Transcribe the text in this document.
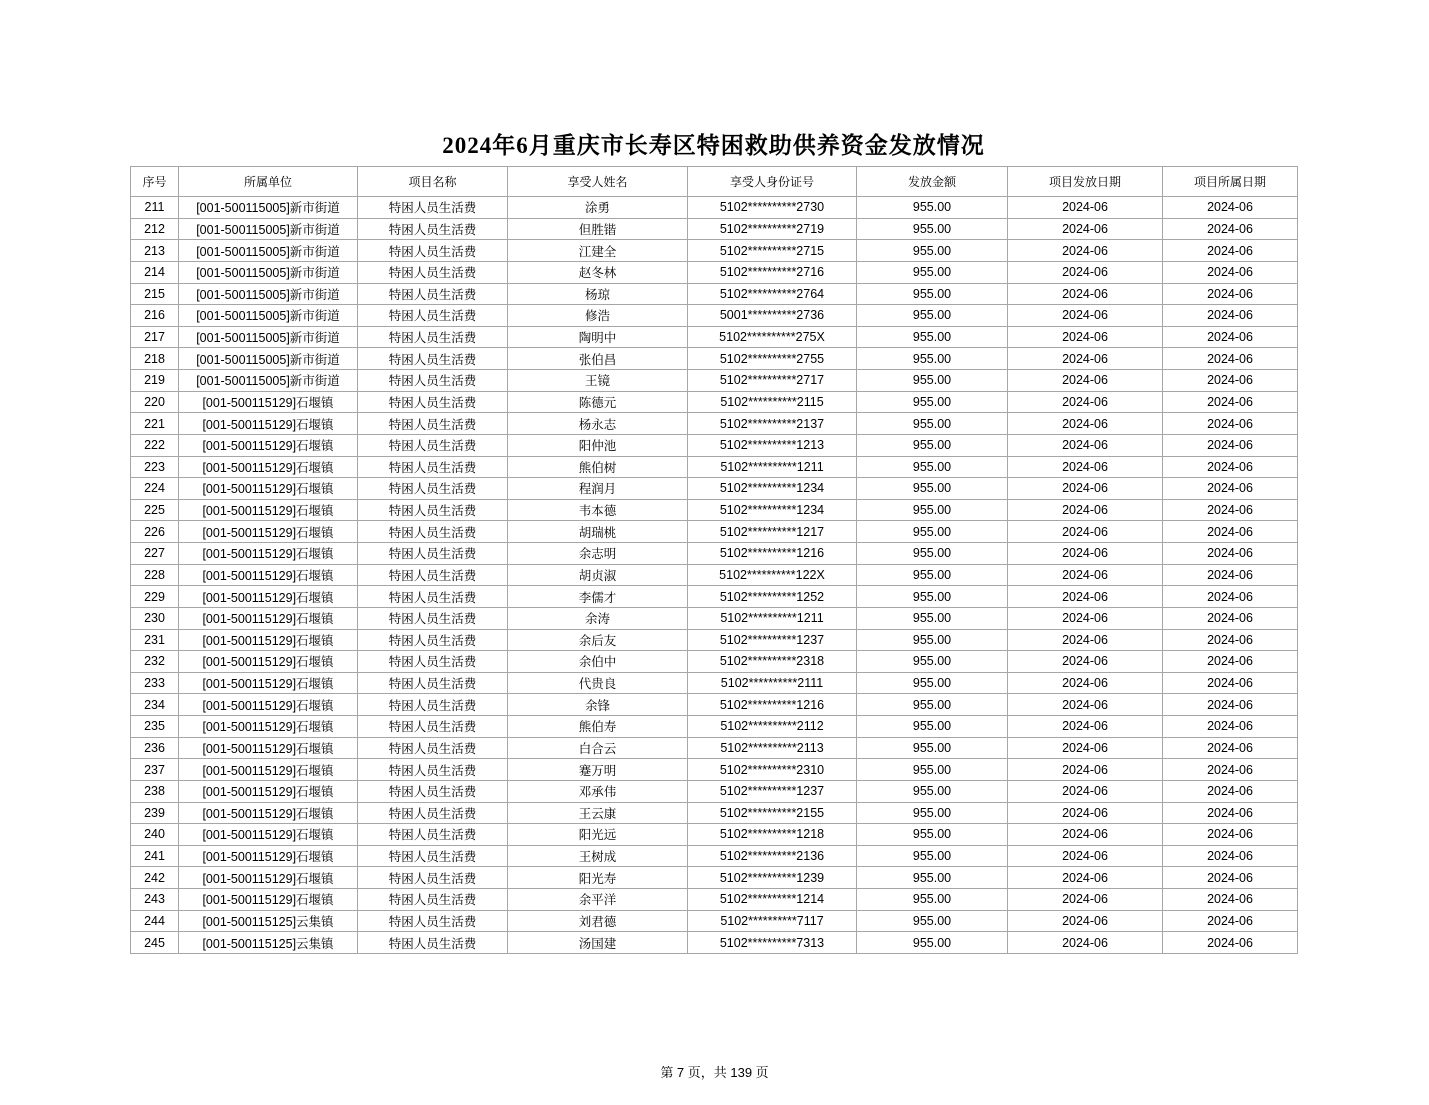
2024年6月重庆市长寿区特困救助供养资金发放情况
序号	所属单位	项目名称	享受人姓名	享受人身份证号	发放金额	项目发放日期	项目所属日期
211	[001-500115005]新市街道	特困人员生活费	涂勇	5102**********2730	955.00	2024-06	2024-06
212	[001-500115005]新市街道	特困人员生活费	但胜锴	5102**********2719	955.00	2024-06	2024-06
213	[001-500115005]新市街道	特困人员生活费	江建全	5102**********2715	955.00	2024-06	2024-06
214	[001-500115005]新市街道	特困人员生活费	赵冬林	5102**********2716	955.00	2024-06	2024-06
215	[001-500115005]新市街道	特困人员生活费	杨琼	5102**********2764	955.00	2024-06	2024-06
216	[001-500115005]新市街道	特困人员生活费	修浩	5001**********2736	955.00	2024-06	2024-06
217	[001-500115005]新市街道	特困人员生活费	陶明中	5102**********275X	955.00	2024-06	2024-06
218	[001-500115005]新市街道	特困人员生活费	张伯昌	5102**********2755	955.00	2024-06	2024-06
219	[001-500115005]新市街道	特困人员生活费	王镜	5102**********2717	955.00	2024-06	2024-06
220	[001-500115129]石堰镇	特困人员生活费	陈德元	5102**********2115	955.00	2024-06	2024-06
221	[001-500115129]石堰镇	特困人员生活费	杨永志	5102**********2137	955.00	2024-06	2024-06
222	[001-500115129]石堰镇	特困人员生活费	阳仲池	5102**********1213	955.00	2024-06	2024-06
223	[001-500115129]石堰镇	特困人员生活费	熊伯树	5102**********1211	955.00	2024-06	2024-06
224	[001-500115129]石堰镇	特困人员生活费	程润月	5102**********1234	955.00	2024-06	2024-06
225	[001-500115129]石堰镇	特困人员生活费	韦本德	5102**********1234	955.00	2024-06	2024-06
226	[001-500115129]石堰镇	特困人员生活费	胡瑞桃	5102**********1217	955.00	2024-06	2024-06
227	[001-500115129]石堰镇	特困人员生活费	余志明	5102**********1216	955.00	2024-06	2024-06
228	[001-500115129]石堰镇	特困人员生活费	胡贞淑	5102**********122X	955.00	2024-06	2024-06
229	[001-500115129]石堰镇	特困人员生活费	李儒才	5102**********1252	955.00	2024-06	2024-06
230	[001-500115129]石堰镇	特困人员生活费	余涛	5102**********1211	955.00	2024-06	2024-06
231	[001-500115129]石堰镇	特困人员生活费	余后友	5102**********1237	955.00	2024-06	2024-06
232	[001-500115129]石堰镇	特困人员生活费	余伯中	5102**********2318	955.00	2024-06	2024-06
233	[001-500115129]石堰镇	特困人员生活费	代贵良	5102**********2111	955.00	2024-06	2024-06
234	[001-500115129]石堰镇	特困人员生活费	余锋	5102**********1216	955.00	2024-06	2024-06
235	[001-500115129]石堰镇	特困人员生活费	熊伯寿	5102**********2112	955.00	2024-06	2024-06
236	[001-500115129]石堰镇	特困人员生活费	白合云	5102**********2113	955.00	2024-06	2024-06
237	[001-500115129]石堰镇	特困人员生活费	蹇万明	5102**********2310	955.00	2024-06	2024-06
238	[001-500115129]石堰镇	特困人员生活费	邓承伟	5102**********1237	955.00	2024-06	2024-06
239	[001-500115129]石堰镇	特困人员生活费	王云康	5102**********2155	955.00	2024-06	2024-06
240	[001-500115129]石堰镇	特困人员生活费	阳光远	5102**********1218	955.00	2024-06	2024-06
241	[001-500115129]石堰镇	特困人员生活费	王树成	5102**********2136	955.00	2024-06	2024-06
242	[001-500115129]石堰镇	特困人员生活费	阳光寿	5102**********1239	955.00	2024-06	2024-06
243	[001-500115129]石堰镇	特困人员生活费	余平洋	5102**********1214	955.00	2024-06	2024-06
244	[001-500115125]云集镇	特困人员生活费	刘君德	5102**********7117	955.00	2024-06	2024-06
245	[001-500115125]云集镇	特困人员生活费	汤国建	5102**********7313	955.00	2024-06	2024-06
第 7 页，共 139 页
